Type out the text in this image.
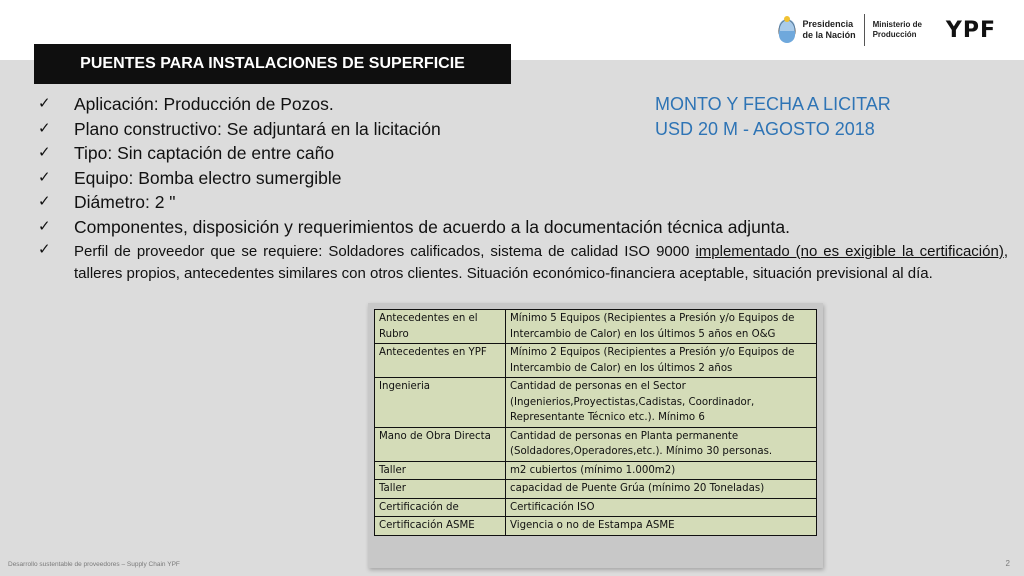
Presidencia
de la Nación
Ministerio de
Producción YPF
PUENTES PARA INSTALACIONES DE SUPERFICIE
✓ Aplicación: Producción de Pozos.
✓ Plano constructivo: Se adjuntará en la licitación
✓ Tipo: Sin captación de entre caño
✓ Equipo: Bomba electro sumergible
✓ Diámetro: 2 "
✓ Componentes, disposición y requerimientos de acuerdo a la documentación técnica adjunta.
✓ Perfil de proveedor que se requiere: Soldadores calificados, sistema de calidad ISO 9000 implementado (no es exigible la certificación), talleres propios, antecedentes similares con otros clientes. Situación económico-financiera aceptable, situación previsional al día.
MONTO Y FECHA A LICITAR
USD 20 M - AGOSTO 2018
Antecedentes en el Rubro	Mínimo 5 Equipos (Recipientes a Presión y/o Equipos de Intercambio de Calor) en los últimos 5 años en O&G
Antecedentes en YPF	Mínimo 2 Equipos (Recipientes a Presión y/o Equipos de Intercambio de Calor) en los últimos 2 años
Ingenieria	Cantidad de personas en el Sector (Ingenierios,Proyectistas,Cadistas, Coordinador, Representante Técnico etc.). Mínimo 6
Mano de Obra Directa	Cantidad de personas en Planta permanente (Soldadores,Operadores,etc.). Mínimo 30 personas.
Taller	m2 cubiertos (mínimo 1.000m2)
Taller	capacidad de Puente Grúa (mínimo 20 Toneladas)
Certificación de	Certificación ISO
Certificación ASME	Vigencia o no de Estampa ASME
Desarrollo sustentable de proveedores – Supply Chain YPF	2
